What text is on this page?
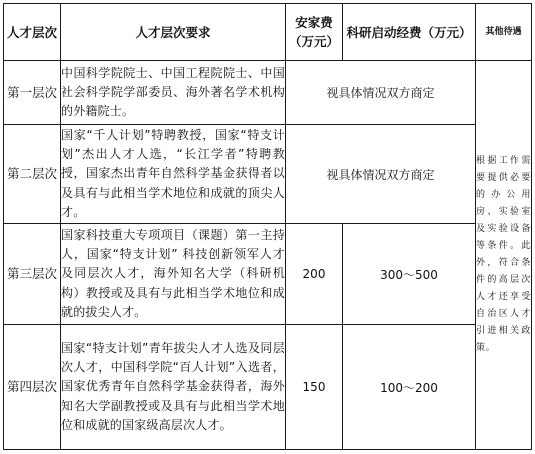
人才层次	人才层次要求	安家费（万元）	科研启动经费（万元）	其他待遇
第一层次	中国科学院院士、中国工程院院士、中国社会科学院学部委员、海外著名学术机构的外籍院士。	视具体情况双方商定		根据工作需要提供必要的办公用房、实验室及实验设备等条件。此外，符合条件的高层次人才还享受自治区人才引进相关政策。
第二层次	国家“千人计划”特聘教授，国家“特支计划”杰出人才人选，“长江学者”特聘教授，国家杰出青年自然科学基金获得者以及具有与此相当学术地位和成就的顶尖人才。	视具体情况双方商定		
第三层次	国家科技重大专项项目（课题）第一主持人，国家“特支计划” 科技创新领军人才及同层次人才，海外知名大学（科研机构）教授或及具有与此相当学术地位和成就的拔尖人才。	200	300～500	
第四层次	国家“特支计划”青年拔尖人才人选及同层次人才，中国科学院“百人计划”入选者，国家优秀青年自然科学基金获得者，海外知名大学副教授或及具有与此相当学术地位和成就的国家级高层次人才。	150	100～200	
